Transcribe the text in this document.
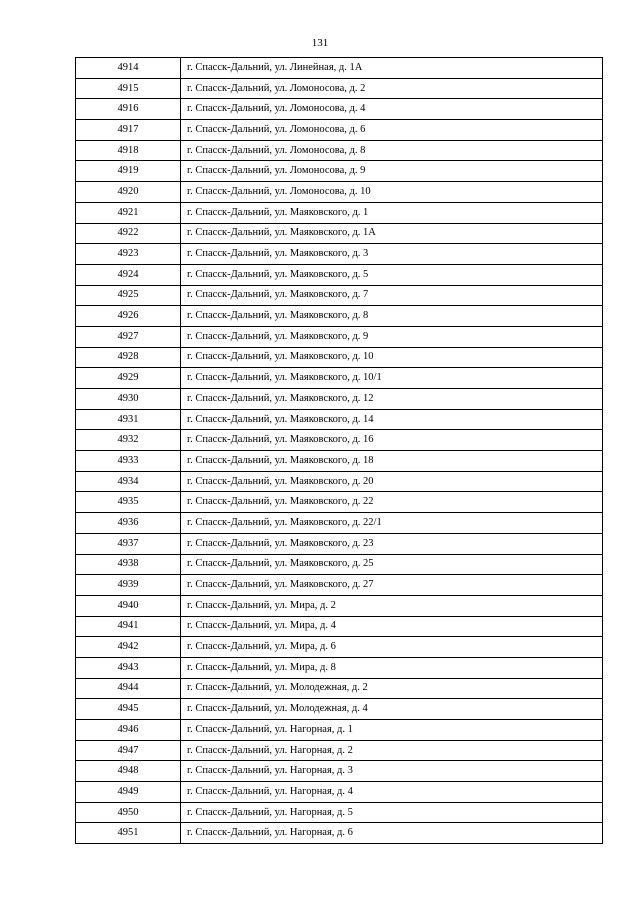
131
4914	г. Спасск-Дальний, ул. Линейная, д. 1А
4915	г. Спасск-Дальний, ул. Ломоносова, д. 2
4916	г. Спасск-Дальний, ул. Ломоносова, д. 4
4917	г. Спасск-Дальний, ул. Ломоносова, д. 6
4918	г. Спасск-Дальний, ул. Ломоносова, д. 8
4919	г. Спасск-Дальний, ул. Ломоносова, д. 9
4920	г. Спасск-Дальний, ул. Ломоносова, д. 10
4921	г. Спасск-Дальний, ул. Маяковского, д. 1
4922	г. Спасск-Дальний, ул. Маяковского, д. 1А
4923	г. Спасск-Дальний, ул. Маяковского, д. 3
4924	г. Спасск-Дальний, ул. Маяковского, д. 5
4925	г. Спасск-Дальний, ул. Маяковского, д. 7
4926	г. Спасск-Дальний, ул. Маяковского, д. 8
4927	г. Спасск-Дальний, ул. Маяковского, д. 9
4928	г. Спасск-Дальний, ул. Маяковского, д. 10
4929	г. Спасск-Дальний, ул. Маяковского, д. 10/1
4930	г. Спасск-Дальний, ул. Маяковского, д. 12
4931	г. Спасск-Дальний, ул. Маяковского, д. 14
4932	г. Спасск-Дальний, ул. Маяковского, д. 16
4933	г. Спасск-Дальний, ул. Маяковского, д. 18
4934	г. Спасск-Дальний, ул. Маяковского, д. 20
4935	г. Спасск-Дальний, ул. Маяковского, д. 22
4936	г. Спасск-Дальний, ул. Маяковского, д. 22/1
4937	г. Спасск-Дальний, ул. Маяковского, д. 23
4938	г. Спасск-Дальний, ул. Маяковского, д. 25
4939	г. Спасск-Дальний, ул. Маяковского, д. 27
4940	г. Спасск-Дальний, ул. Мира, д. 2
4941	г. Спасск-Дальний, ул. Мира, д. 4
4942	г. Спасск-Дальний, ул. Мира, д. 6
4943	г. Спасск-Дальний, ул. Мира, д. 8
4944	г. Спасск-Дальний, ул. Молодежная, д. 2
4945	г. Спасск-Дальний, ул. Молодежная, д. 4
4946	г. Спасск-Дальний, ул. Нагорная, д. 1
4947	г. Спасск-Дальний, ул. Нагорная, д. 2
4948	г. Спасск-Дальний, ул. Нагорная, д. 3
4949	г. Спасск-Дальний, ул. Нагорная, д. 4
4950	г. Спасск-Дальний, ул. Нагорная, д. 5
4951	г. Спасск-Дальний, ул. Нагорная, д. 6
